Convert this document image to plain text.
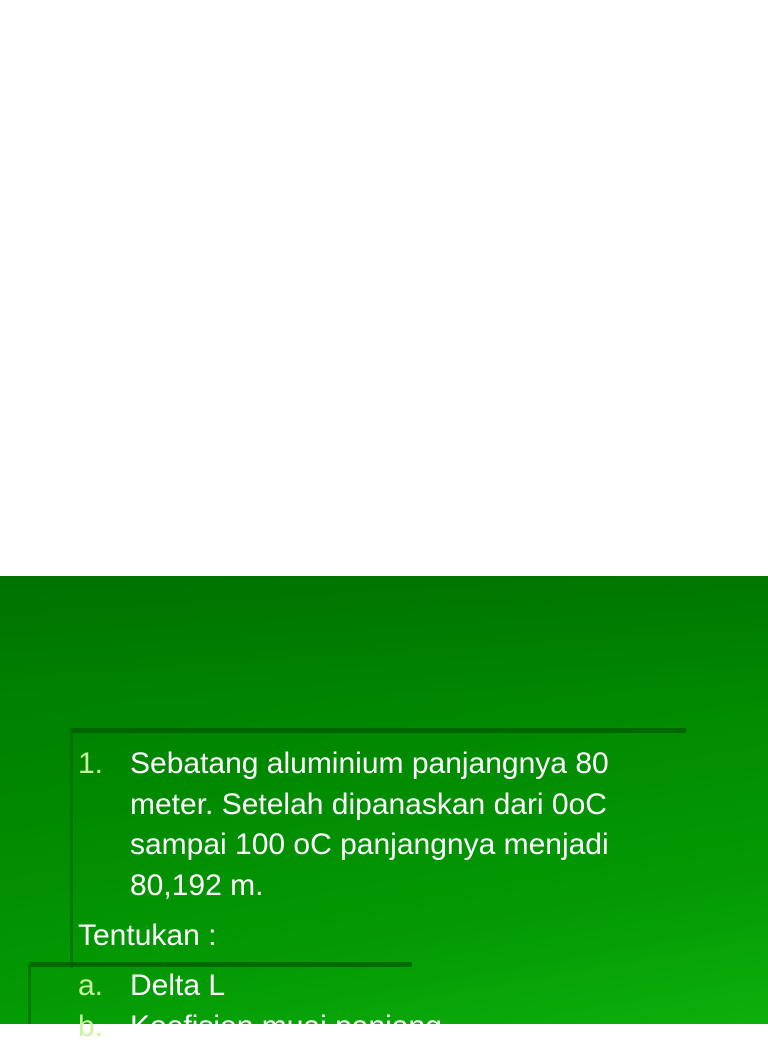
1. Sebatang aluminium panjangnya 80
meter. Setelah dipanaskan dari 0oC
sampai 100 oC panjangnya menjadi
80,192 m.
Tentukan :
a. Delta L
b. Koefisien muai panjang
